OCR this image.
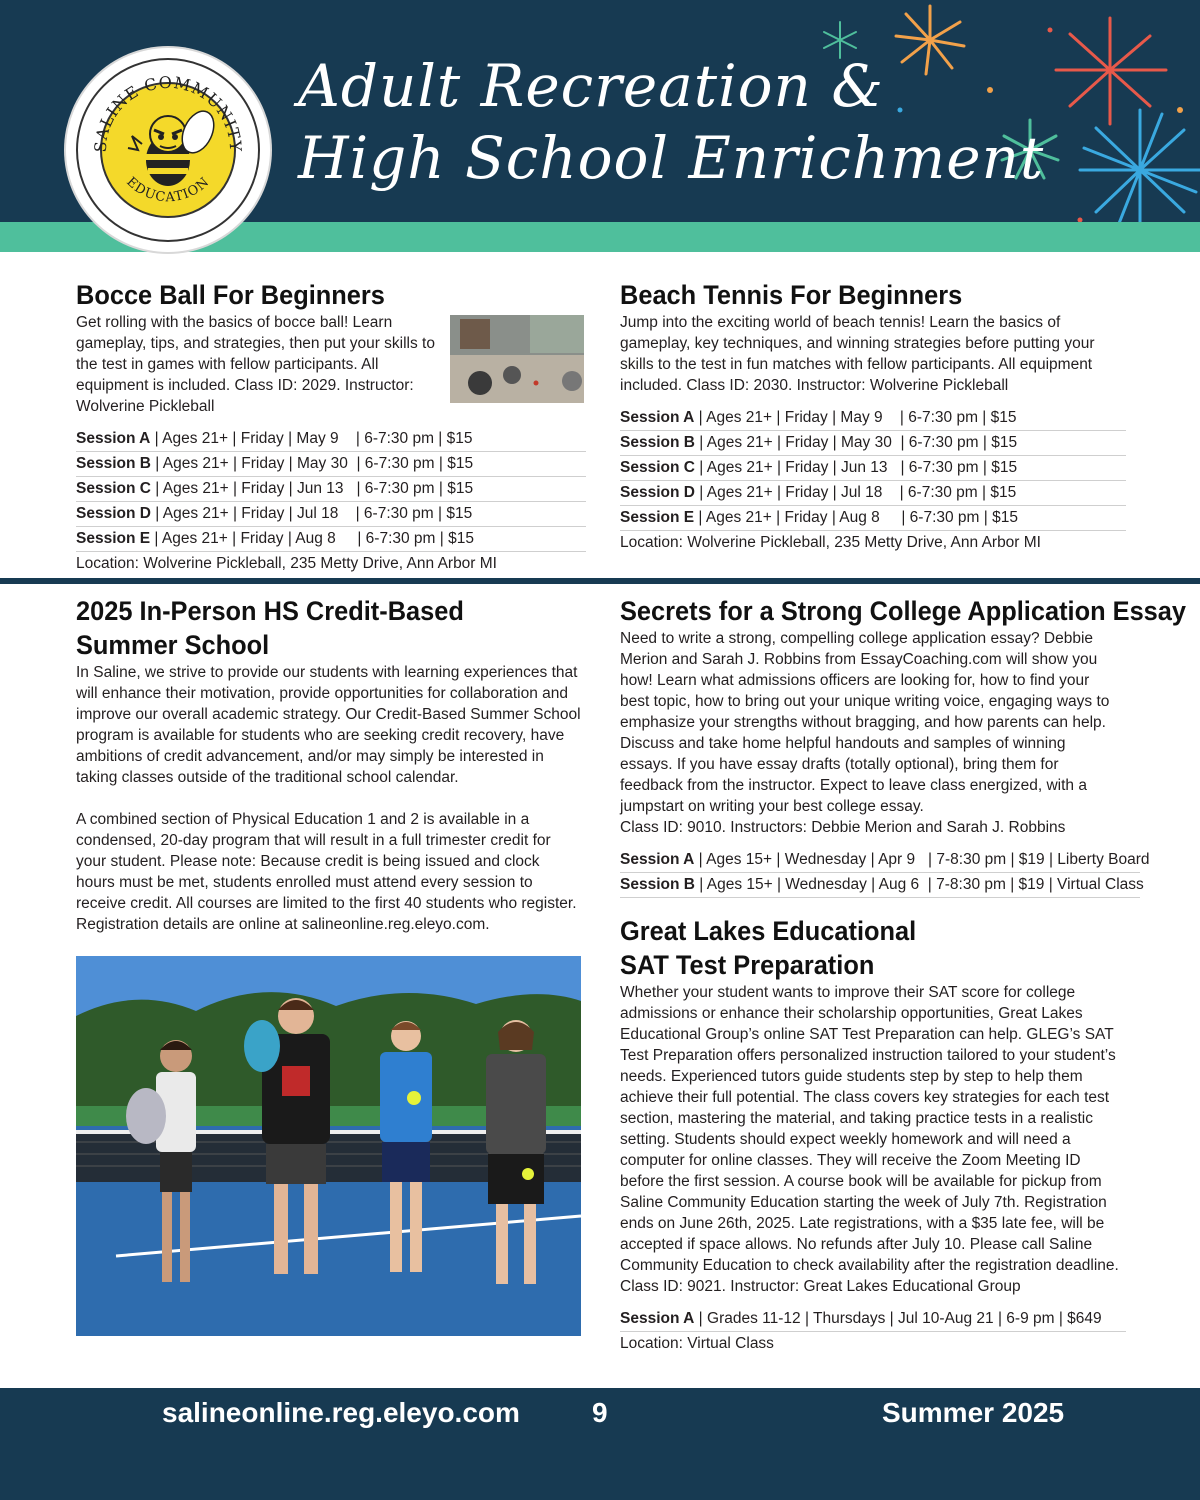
Adult Recreation &
High School Enrichment
SALINE COMMUNITY
EDUCATION
Bocce Ball For Beginners

Get rolling with the basics of bocce ball! Learn gameplay, tips, and strategies, then put your skills to the test in games with fellow participants. All equipment is included. Class ID: 2029. Instructor: Wolverine Pickleball

Session A | Ages 21+ | Friday | May 9    | 6-7:30 pm | $15
Session B | Ages 21+ | Friday | May 30  | 6-7:30 pm | $15
Session C | Ages 21+ | Friday | Jun 13   | 6-7:30 pm | $15
Session D | Ages 21+ | Friday | Jul 18    | 6-7:30 pm | $15
Session E | Ages 21+ | Friday | Aug 8     | 6-7:30 pm | $15
Location: Wolverine Pickleball, 235 Metty Drive, Ann Arbor MI
Beach Tennis For Beginners

Jump into the exciting world of beach tennis! Learn the basics of gameplay, key techniques, and winning strategies before putting your skills to the test in fun matches with fellow participants. All equipment included. Class ID: 2030. Instructor: Wolverine Pickleball

Session A | Ages 21+ | Friday | May 9    | 6-7:30 pm | $15
Session B | Ages 21+ | Friday | May 30  | 6-7:30 pm | $15
Session C | Ages 21+ | Friday | Jun 13   | 6-7:30 pm | $15
Session D | Ages 21+ | Friday | Jul 18    | 6-7:30 pm | $15
Session E | Ages 21+ | Friday | Aug 8     | 6-7:30 pm | $15
Location: Wolverine Pickleball, 235 Metty Drive, Ann Arbor MI
2025 In-Person HS Credit-Based
Summer School

In Saline, we strive to provide our students with learning experiences that will enhance their motivation, provide opportunities for collaboration and improve our overall academic strategy. Our Credit-Based Summer School program is available for students who are seeking credit recovery, have ambitions of credit advancement, and/or may simply be interested in taking classes outside of the traditional school calendar.

A combined section of Physical Education 1 and 2 is available in a condensed, 20-day program that will result in a full trimester credit for your student. Please note: Because credit is being issued and clock hours must be met, students enrolled must attend every session to receive credit. All courses are limited to the first 40 students who register. Registration details are online at salineonline.reg.eleyo.com.

Secrets for a Strong College Application Essay

Need to write a strong, compelling college application essay? Debbie Merion and Sarah J. Robbins from EssayCoaching.com will show you how! Learn what admissions officers are looking for, how to find your best topic, how to bring out your unique writing voice, engaging ways to emphasize your strengths without bragging, and how parents can help. Discuss and take home helpful handouts and samples of winning essays. If you have essay drafts (totally optional), bring them for feedback from the instructor. Expect to leave class energized, with a jumpstart on writing your best college essay.

Class ID: 9010. Instructors: Debbie Merion and Sarah J. Robbins

Session A | Ages 15+ | Wednesday | Apr 9   | 7-8:30 pm | $19 | Liberty Board
Session B | Ages 15+ | Wednesday | Aug 6  | 7-8:30 pm | $19 | Virtual Class
Great Lakes Educational
SAT Test Preparation

Whether your student wants to improve their SAT score for college admissions or enhance their scholarship opportunities, Great Lakes Educational Group’s online SAT Test Preparation can help. GLEG’s SAT Test Preparation offers personalized instruction tailored to your student’s needs. Experienced tutors guide students step by step to help them achieve their full potential. The class covers key strategies for each test section, mastering the material, and taking practice tests in a realistic setting. Students should expect weekly homework and will need a computer for online classes. They will receive the Zoom Meeting ID before the first session. A course book will be available for pickup from Saline Community Education starting the week of July 7th. Registration ends on June 26th, 2025. Late registrations, with a $35 late fee, will be accepted if space allows. No refunds after July 10. Please call Saline Community Education to check availability after the registration deadline.

Class ID: 9021. Instructor: Great Lakes Educational Group

Session A | Grades 11-12 | Thursdays | Jul 10-Aug 21 | 6-9 pm | $649
Location: Virtual Class
salineonline.reg.eleyo.com	9	Summer 2025
